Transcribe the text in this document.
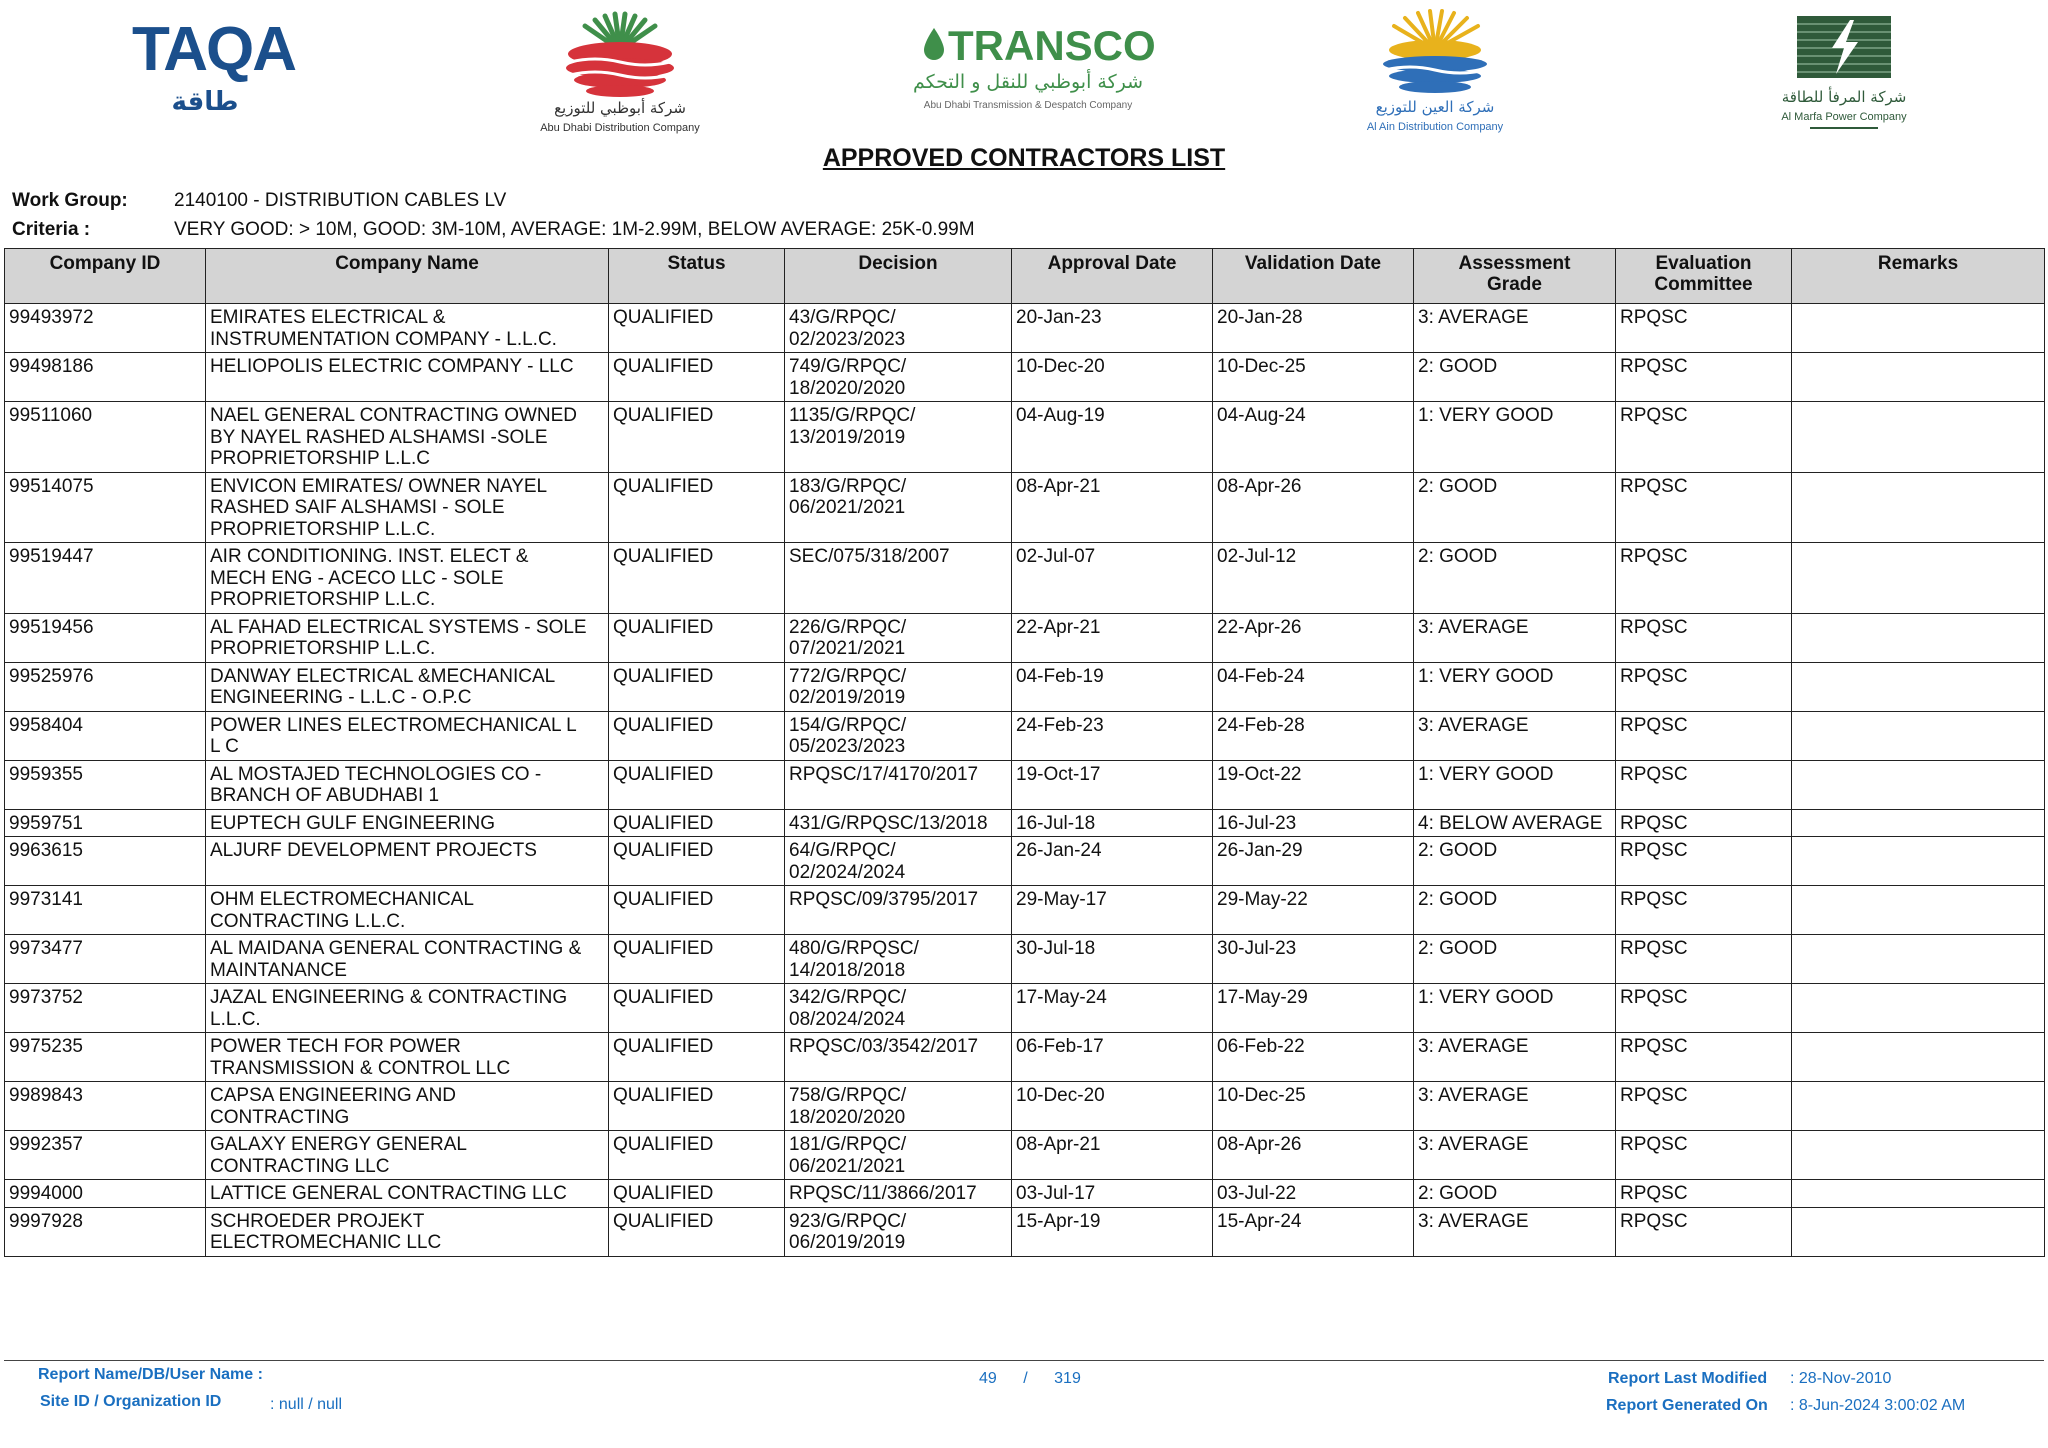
TAQA
طاقة	شركة أبوظبي للتوزيع
Abu Dhabi Distribution Company
TRANSCO
شركة أبوظبي للنقل و التحكم
Abu Dhabi Transmission & Despatch Company	شركة العين للتوزيع
Al Ain Distribution Company
شركة المرفأ للطاقة
Al Marfa Power Company
APPROVED CONTRACTORS LIST
Work Group:	2140100 - DISTRIBUTION CABLES LV
Criteria :	VERY GOOD: > 10M, GOOD: 3M-10M, AVERAGE: 1M-2.99M, BELOW AVERAGE: 25K-0.99M
Company ID	Company Name	Status	Decision	Approval Date	Validation Date	Assessment
Grade	Evaluation
Committee	Remarks
99493972	EMIRATES ELECTRICAL &
INSTRUMENTATION COMPANY - L.L.C.	QUALIFIED	43/G/RPQC/
02/2023/2023	20-Jan-23	20-Jan-28	3: AVERAGE	RPQSC	
99498186	HELIOPOLIS ELECTRIC COMPANY - LLC	QUALIFIED	749/G/RPQC/
18/2020/2020	10-Dec-20	10-Dec-25	2: GOOD	RPQSC	
99511060	NAEL GENERAL CONTRACTING OWNED
BY NAYEL RASHED ALSHAMSI -SOLE
PROPRIETORSHIP L.L.C	QUALIFIED	1135/G/RPQC/
13/2019/2019	04-Aug-19	04-Aug-24	1: VERY GOOD	RPQSC	
99514075	ENVICON EMIRATES/ OWNER NAYEL
RASHED SAIF ALSHAMSI - SOLE
PROPRIETORSHIP L.L.C.	QUALIFIED	183/G/RPQC/
06/2021/2021	08-Apr-21	08-Apr-26	2: GOOD	RPQSC	
99519447	AIR CONDITIONING. INST. ELECT &
MECH ENG - ACECO LLC - SOLE
PROPRIETORSHIP L.L.C.	QUALIFIED	SEC/075/318/2007	02-Jul-07	02-Jul-12	2: GOOD	RPQSC	
99519456	AL FAHAD ELECTRICAL SYSTEMS - SOLE
PROPRIETORSHIP L.L.C.	QUALIFIED	226/G/RPQC/
07/2021/2021	22-Apr-21	22-Apr-26	3: AVERAGE	RPQSC	
99525976	DANWAY ELECTRICAL &MECHANICAL
ENGINEERING - L.L.C - O.P.C	QUALIFIED	772/G/RPQC/
02/2019/2019	04-Feb-19	04-Feb-24	1: VERY GOOD	RPQSC	
9958404	POWER LINES ELECTROMECHANICAL L
L C	QUALIFIED	154/G/RPQC/
05/2023/2023	24-Feb-23	24-Feb-28	3: AVERAGE	RPQSC	
9959355	AL MOSTAJED TECHNOLOGIES CO -
BRANCH OF ABUDHABI 1	QUALIFIED	RPQSC/17/4170/2017	19-Oct-17	19-Oct-22	1: VERY GOOD	RPQSC	
9959751	EUPTECH GULF ENGINEERING	QUALIFIED	431/G/RPQSC/13/2018	16-Jul-18	16-Jul-23	4: BELOW AVERAGE	RPQSC	
9963615	ALJURF DEVELOPMENT PROJECTS	QUALIFIED	64/G/RPQC/
02/2024/2024	26-Jan-24	26-Jan-29	2: GOOD	RPQSC	
9973141	OHM ELECTROMECHANICAL
CONTRACTING L.L.C.	QUALIFIED	RPQSC/09/3795/2017	29-May-17	29-May-22	2: GOOD	RPQSC	
9973477	AL MAIDANA GENERAL CONTRACTING &
MAINTANANCE	QUALIFIED	480/G/RPQSC/
14/2018/2018	30-Jul-18	30-Jul-23	2: GOOD	RPQSC	
9973752	JAZAL ENGINEERING & CONTRACTING
L.L.C.	QUALIFIED	342/G/RPQC/
08/2024/2024	17-May-24	17-May-29	1: VERY GOOD	RPQSC	
9975235	POWER TECH FOR POWER
TRANSMISSION & CONTROL LLC	QUALIFIED	RPQSC/03/3542/2017	06-Feb-17	06-Feb-22	3: AVERAGE	RPQSC	
9989843	CAPSA ENGINEERING AND
CONTRACTING	QUALIFIED	758/G/RPQC/
18/2020/2020	10-Dec-20	10-Dec-25	3: AVERAGE	RPQSC	
9992357	GALAXY ENERGY GENERAL
CONTRACTING LLC	QUALIFIED	181/G/RPQC/
06/2021/2021	08-Apr-21	08-Apr-26	3: AVERAGE	RPQSC	
9994000	LATTICE GENERAL CONTRACTING LLC	QUALIFIED	RPQSC/11/3866/2017	03-Jul-17	03-Jul-22	2: GOOD	RPQSC	
9997928	SCHROEDER PROJEKT
ELECTROMECHANIC LLC	QUALIFIED	923/G/RPQC/
06/2019/2019	15-Apr-19	15-Apr-24	3: AVERAGE	RPQSC	
Report Name/DB/User Name :
Site ID / Organization ID	: null / null
49 / 319	Report Last Modified : 28-Nov-2010
Report Generated On : 8-Jun-2024 3:00:02 AM
